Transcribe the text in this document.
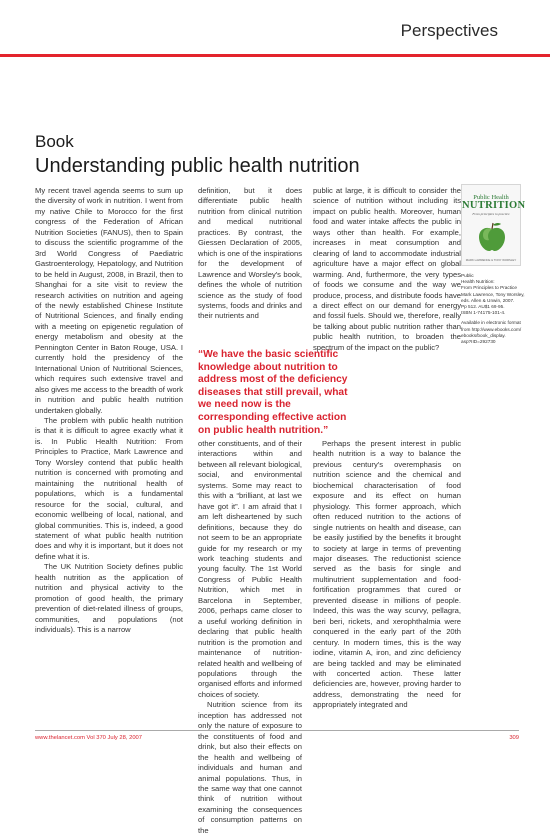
Perspectives
Book
Understanding public health nutrition

My recent travel agenda seems to sum up the diversity of work in nutrition. I went from my native Chile to Morocco for the first congress of the Federation of African Nutrition Societies (FANUS), then to Spain to discuss the scientific programme of the 3rd World Congress of Paediatric Gastroenterology, Hepatology, and Nutrition to be held in August, 2008, in Brazil, then to Shanghai for a site visit to review the research activities on nutrition and ageing of the newly established Chinese Institute of Nutritional Sciences, and finally ending with a meeting on epigenetic regulation of energy metabolism and obesity at the Pennington Center in Baton Rouge, USA. I currently hold the presidency of the International Union of Nutritional Sciences, which requires such extensive travel and also gives me access to the breadth of work in nutrition and public health nutrition undertaken globally.

The problem with public health nutrition is that it is difficult to agree exactly what it is. In Public Health Nutrition: From Principles to Practice, Mark Lawrence and Tony Worsley contend that public health nutrition is concerned with promoting and maintaining the nutritional health of populations, which is a fundamental resource for the social, cultural, and economic wellbeing of local, national, and global communities. This is, indeed, a good statement of what public health nutrition does and why it is important, but it does not define what it is.

The UK Nutrition Society defines public health nutrition as the application of nutrition and physical activity to the promotion of good health, the primary prevention of diet-related illness of groups, communities, and populations (not individuals). This is a narrow

definition, but it does differentiate public health nutrition from clinical nutrition and medical nutritional practices. By contrast, the Giessen Declaration of 2005, which is one of the inspirations for the development of Lawrence and Worsley's book, defines the whole of nutrition science as the study of food systems, foods and drinks and their nutrients and

“We have the basic scientific knowledge about nutrition to address most of the deficiency diseases that still prevail, what we need now is the corresponding effective action on public health nutrition.”

other constituents, and of their interactions within and between all relevant biological, social, and environmental systems. Some may react to this with a “brilliant, at last we have got it”. I am afraid that I am left disheartened by such definitions, because they do not seem to be an appropriate guide for my research or my work teaching students and young faculty. The 1st World Congress of Public Health Nutrition, which met in Barcelona in September, 2006, perhaps came closer to a useful working definition in declaring that public health nutrition is the promotion and maintenance of nutrition-related health and wellbeing of populations through the organised efforts and informed choices of society.

Nutrition science from its inception has addressed not only the nature of exposure to the constituents of food and drink, but also their effects on the health and wellbeing of individuals and human and animal populations. Thus, in the same way that one cannot think of nutrition without examining the consequences of consumption patterns on the

public at large, it is difficult to consider the science of nutrition without including its impact on public health. Moreover, human food and water intake affects the public in ways other than health. For example, increases in meat consumption and clearing of land to accommodate industrial agriculture have a major effect on global warming. And, furthermore, the very types of foods we consume and the way we produce, process, and distribute foods have a direct effect on our demand for energy and fossil fuels. Should we, therefore, really be talking about public nutrition rather than public health nutrition, to broaden the spectrum of the impact on the public?

Perhaps the present interest in public health nutrition is a way to balance the previous century's overemphasis on nutrition science and the chemical and biochemical characterisation of food exposure and its effect on human physiology. This former approach, which often reduced nutrition to the actions of single nutrients on health and disease, can be easily justified by the benefits it brought to society at large in terms of preventing major diseases. The reductionist science served as the basis for single and multinutrient supplementation and food-fortification programmes that cured or prevented disease in millions of people. Indeed, this was the way scurvy, pellagra, beri beri, rickets, and xerophthalmia were conquered in the early part of the 20th century. In modern times, this is the way iodine, vitamin A, iron, and zinc deficiency are being tackled and may be eliminated with concerted action. These latter deficiencies are, however, proving harder to address, demonstrating the need for appropriately integrated and

Public Health
NUTRITION
From principles to practice
MARK LAWRENCE & TONY WORSLEY
Public
Health Nutrition:
From Principles to Practice
Mark Lawrence, Tony Worsley,
eds. Allen & Unwin, 2007.
Pp 512. AU$1 69·95.
ISBN 1-74175-101-4.
Available in electronic format
from http://www.ebooks.com/
ebooks/book_display.
asp?IID=292730
www.thelancet.com Vol 370 July 28, 2007	309
